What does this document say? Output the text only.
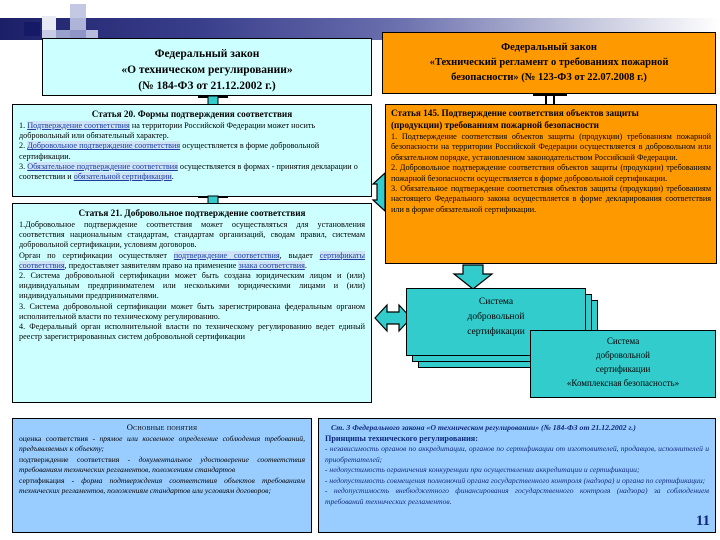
Федеральный закон
«О техническом регулировании»
(№ 184-ФЗ от 21.12.2002 г.)
Федеральный закон
«Технический регламент о требованиях пожарной
безопасности» (№ 123-ФЗ от 22.07.2008 г.)
Статья 20. Формы подтверждения соответствия

1. Подтверждение соответствия на территории Российской Федерации может носить добровольный или обязательный характер.

2. Добровольное подтверждение соответствия осуществляется в форме добровольной сертификации.

3. Обязательное подтверждение соответствия осуществляется в формах - принятия декларации о соответствии и обязательной сертификации.

Статья 21. Добровольное подтверждение соответствия

1.Добровольное подтверждение соответствия может осуществляться для установления соответствия национальным стандартам, стандартам организаций, сводам правил, системам добровольной сертификации, условиям договоров.

Орган по сертификации осуществляет подтверждение соответствия, выдает сертификаты соответствия, предоставляет заявителям право на применение знака соответствия.

2. Система добровольной сертификации может быть создана юридическим лицом и (или) индивидуальным предпринимателем или несколькими юридическими лицами и (или) индивидуальными предпринимателями.

3. Система добровольной сертификации может быть зарегистрирована федеральным органом исполнительной власти по техническому регулированию.

4. Федеральный орган исполнительной власти по техническому регулированию ведет единый реестр зарегистрированных систем добровольной сертификации

Статья 145. Подтверждение соответствия объектов защиты
(продукции) требованиям пожарной безопасности

1. Подтверждение соответствия объектов защиты (продукции) требованиям пожарной безопасности на территории Российской Федерации осуществляется в добровольном или обязательном порядке, установленном законодательством Российской Федерации.

2. Добровольное подтверждение соответствия объектов защиты (продукции) требованиям пожарной безопасности осуществляется в форме добровольной сертификации.

3. Обязательное подтверждение соответствия объектов защиты (продукции) требованиям настоящего Федерального закона осуществляется в форме декларирования соответствия или в форме обязательной сертификации.

Система
добровольной
сертификации
Система
добровольной
сертификации
«Комплексная безопасность»
Основные понятия

оценка соответствия - прямое или косвенное определение соблюдения требований, предъявляемых к объекту;

подтверждение соответствия - документальное удостоверение соответствия требованиям технических регламентов, положениям стандартов

сертификация - форма подтверждения соответствия объектов требованиям технических регламентов, положениям стандартов или условиям договоров;

Ст. 3 Федерального закона «О техническом регулировании» (№ 184-ФЗ от 21.12.2002 г.)
Принципы технического регулирования:

- независимость органов по аккредитации, органов по сертификации от изготовителей, продавцов, исполнителей и приобретателей;

- недопустимость ограничения конкуренции при осуществлении аккредитации и сертификации;

- недопустимость совмещения полномочий органа государственного контроля (надзора) и органа по сертификации;

- недопустимость внебюджетного финансирования государственного контроля (надзора) за соблюдением требований технических регламентов.

11
